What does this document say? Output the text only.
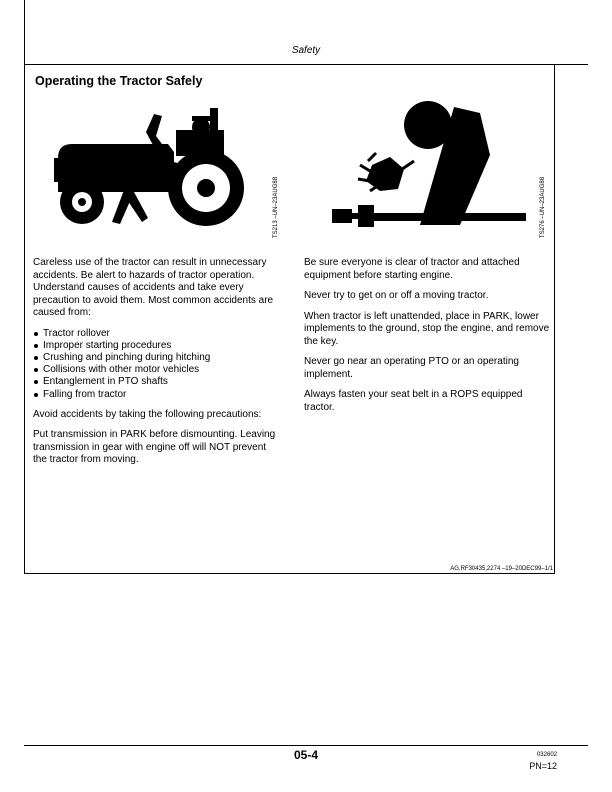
Safety
Operating the Tractor Safely
TS213 –UN–23AUG88	TS276 –UN–23AUG88

Careless use of the tractor can result in unnecessary accidents. Be alert to hazards of tractor operation. Understand causes of accidents and take every precaution to avoid them. Most common accidents are caused from:

Tractor rollover
Improper starting procedures
Crushing and pinching during hitching
Collisions with other motor vehicles
Entanglement in PTO shafts
Falling from tractor

Avoid accidents by taking the following precautions:

Put transmission in PARK before dismounting. Leaving transmission in gear with engine off will NOT prevent the tractor from moving.

Be sure everyone is clear of tractor and attached equipment before starting engine.

Never try to get on or off a moving tractor.

When tractor is left unattended, place in PARK, lower implements to the ground, stop the engine, and remove the key.

Never go near an operating PTO or an operating implement.

Always fasten your seat belt in a ROPS equipped tractor.

AG,RF30435,2274 –19–20DEC99–1/1
05-4	032602
PN=12
